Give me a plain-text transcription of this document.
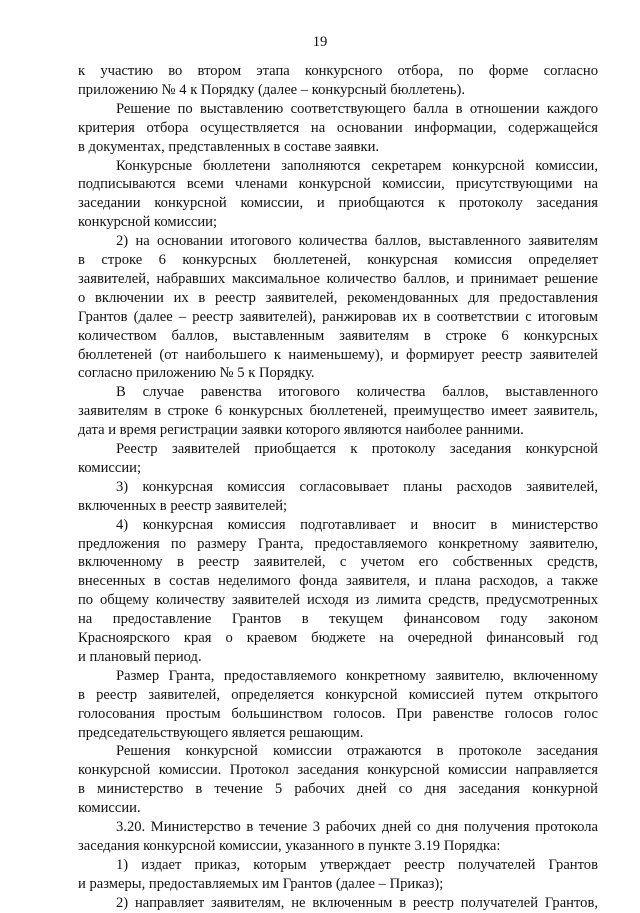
19
к участию во втором этапа конкурсного отбора, по форме согласно
приложению № 4 к Порядку (далее – конкурсный бюллетень).
Решение по выставлению соответствующего балла в отношении каждого
критерия отбора осуществляется на основании информации, содержащейся
в документах, представленных в составе заявки.
Конкурсные бюллетени заполняются секретарем конкурсной комиссии,
подписываются всеми членами конкурсной комиссии, присутствующими на
заседании конкурсной комиссии, и приобщаются к протоколу заседания
конкурсной комиссии;
2) на основании итогового количества баллов, выставленного заявителям
в строке 6 конкурсных бюллетеней, конкурсная комиссия определяет
заявителей, набравших максимальное количество баллов, и принимает решение
о включении их в реестр заявителей, рекомендованных для предоставления
Грантов (далее – реестр заявителей), ранжировав их в соответствии с итоговым
количеством баллов, выставленным заявителям в строке 6 конкурсных
бюллетеней (от наибольшего к наименьшему), и формирует реестр заявителей
согласно приложению № 5 к Порядку.
В случае равенства итогового количества баллов, выставленного
заявителям в строке 6 конкурсных бюллетеней, преимущество имеет заявитель,
дата и время регистрации заявки которого являются наиболее ранними.
Реестр заявителей приобщается к протоколу заседания конкурсной
комиссии;
3) конкурсная комиссия согласовывает планы расходов заявителей,
включенных в реестр заявителей;
4) конкурсная комиссия подготавливает и вносит в министерство
предложения по размеру Гранта, предоставляемого конкретному заявителю,
включенному в реестр заявителей, с учетом его собственных средств,
внесенных в состав неделимого фонда заявителя, и плана расходов, а также
по общему количеству заявителей исходя из лимита средств, предусмотренных
на предоставление Грантов в текущем финансовом году законом
Красноярского края о краевом бюджете на очередной финансовый год
и плановый период.
Размер Гранта, предоставляемого конкретному заявителю, включенному
в реестр заявителей, определяется конкурсной комиссией путем открытого
голосования простым большинством голосов. При равенстве голосов голос
председательствующего является решающим.
Решения конкурсной комиссии отражаются в протоколе заседания
конкурсной комиссии. Протокол заседания конкурсной комиссии направляется
в министерство в течение 5 рабочих дней со дня заседания конкурной
комиссии.
3.20. Министерство в течение 3 рабочих дней со дня получения протокола
заседания конкурсной комиссии, указанного в пункте 3.19 Порядка:
1) издает приказ, которым утверждает реестр получателей Грантов
и размеры, предоставляемых им Грантов (далее – Приказ);
2) направляет заявителям, не включенным в реестр получателей Грантов,
